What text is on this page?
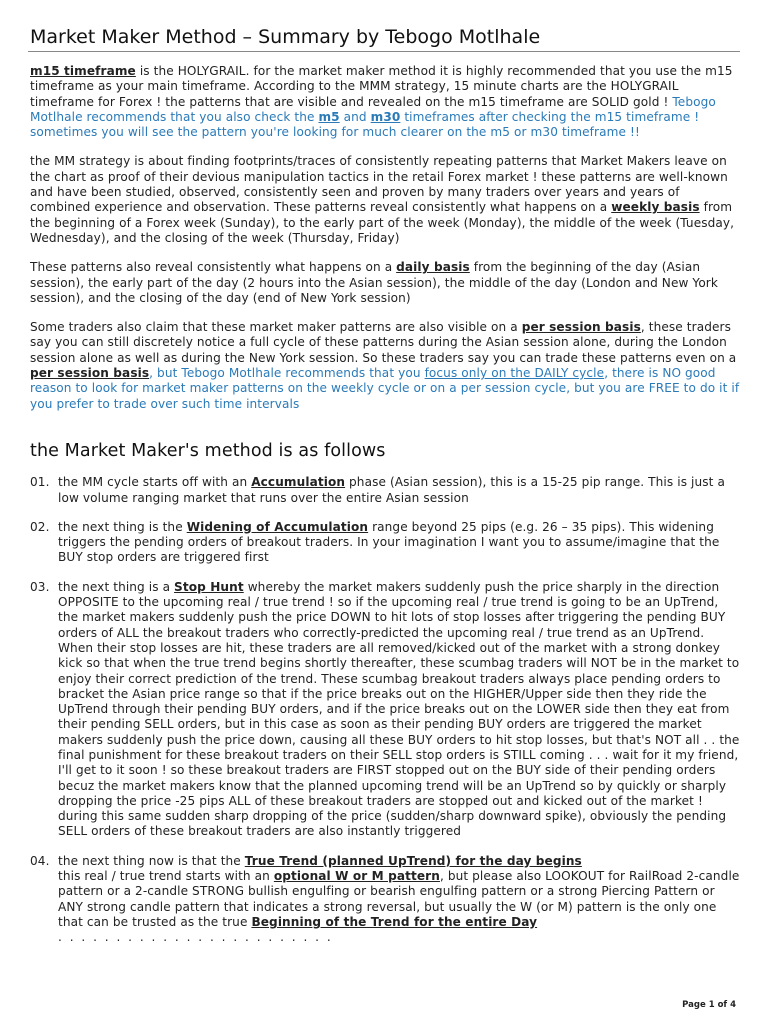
Market Maker Method – Summary by Tebogo Motlhale

m15 timeframe is the HOLYGRAIL. for the market maker method it is highly recommended that you use the m15 timeframe as your main timeframe. According to the MMM strategy, 15 minute charts are the HOLYGRAIL timeframe for Forex ! the patterns that are visible and revealed on the m15 timeframe are SOLID gold ! Tebogo Motlhale recommends that you also check the m5 and m30 timeframes after checking the m15 timeframe ! sometimes you will see the pattern you're looking for much clearer on the m5 or m30 timeframe !!

the MM strategy is about finding footprints/traces of consistently repeating patterns that Market Makers leave on the chart as proof of their devious manipulation tactics in the retail Forex market ! these patterns are well-known and have been studied, observed, consistently seen and proven by many traders over years and years of combined experience and observation. These patterns reveal consistently what happens on a weekly basis from the beginning of a Forex week (Sunday), to the early part of the week (Monday), the middle of the week (Tuesday, Wednesday), and the closing of the week (Thursday, Friday)

These patterns also reveal consistently what happens on a daily basis from the beginning of the day (Asian session), the early part of the day (2 hours into the Asian session), the middle of the day (London and New York session), and the closing of the day (end of New York session)

Some traders also claim that these market maker patterns are also visible on a per session basis, these traders say you can still discretely notice a full cycle of these patterns during the Asian session alone, during the London session alone as well as during the New York session. So these traders say you can trade these patterns even on a per session basis, but Tebogo Motlhale recommends that you focus only on the DAILY cycle, there is NO good reason to look for market maker patterns on the weekly cycle or on a per session cycle, but you are FREE to do it if you prefer to trade over such time intervals

the Market Maker's method is as follows
01. the MM cycle starts off with an Accumulation phase (Asian session), this is a 15-25 pip range. This is just a low volume ranging market that runs over the entire Asian session
02. the next thing is the Widening of Accumulation range beyond 25 pips (e.g. 26 – 35 pips). This widening triggers the pending orders of breakout traders. In your imagination I want you to assume/imagine that the BUY stop orders are triggered first
03. the next thing is a Stop Hunt whereby the market makers suddenly push the price sharply in the direction OPPOSITE to the upcoming real / true trend ! so if the upcoming real / true trend is going to be an UpTrend, the market makers suddenly push the price DOWN to hit lots of stop losses after triggering the pending BUY orders of ALL the breakout traders who correctly-predicted the upcoming real / true trend as an UpTrend. When their stop losses are hit, these traders are all removed/kicked out of the market with a strong donkey kick so that when the true trend begins shortly thereafter, these scumbag traders will NOT be in the market to enjoy their correct prediction of the trend. These scumbag breakout traders always place pending orders to bracket the Asian price range so that if the price breaks out on the HIGHER/Upper side then they ride the UpTrend through their pending BUY orders, and if the price breaks out on the LOWER side then they eat from their pending SELL orders, but in this case as soon as their pending BUY orders are triggered the market makers suddenly push the price down, causing all these BUY orders to hit stop losses, but that's NOT all . . the final punishment for these breakout traders on their SELL stop orders is STILL coming . . . wait for it my friend, I'll get to it soon ! so these breakout traders are FIRST stopped out on the BUY side of their pending orders becuz the market makers know that the planned upcoming trend will be an UpTrend so by quickly or sharply dropping the price -25 pips ALL of these breakout traders are stopped out and kicked out of the market ! during this same sudden sharp dropping of the price (sudden/sharp downward spike), obviously the pending SELL orders of these breakout traders are also instantly triggered
04. the next thing now is that the True Trend (planned UpTrend) for the day begins
this real / true trend starts with an optional W or M pattern, but please also LOOKOUT for RailRoad 2-candle pattern or a 2-candle STRONG bullish engulfing or bearish engulfing pattern or a strong Piercing Pattern or ANY strong candle pattern that indicates a strong reversal, but usually the W (or M) pattern is the only one that can be trusted as the true Beginning of the Trend for the entire Day
. . . . . . . . . . . . . . . . . . . . . . . .
Page 1 of 4
